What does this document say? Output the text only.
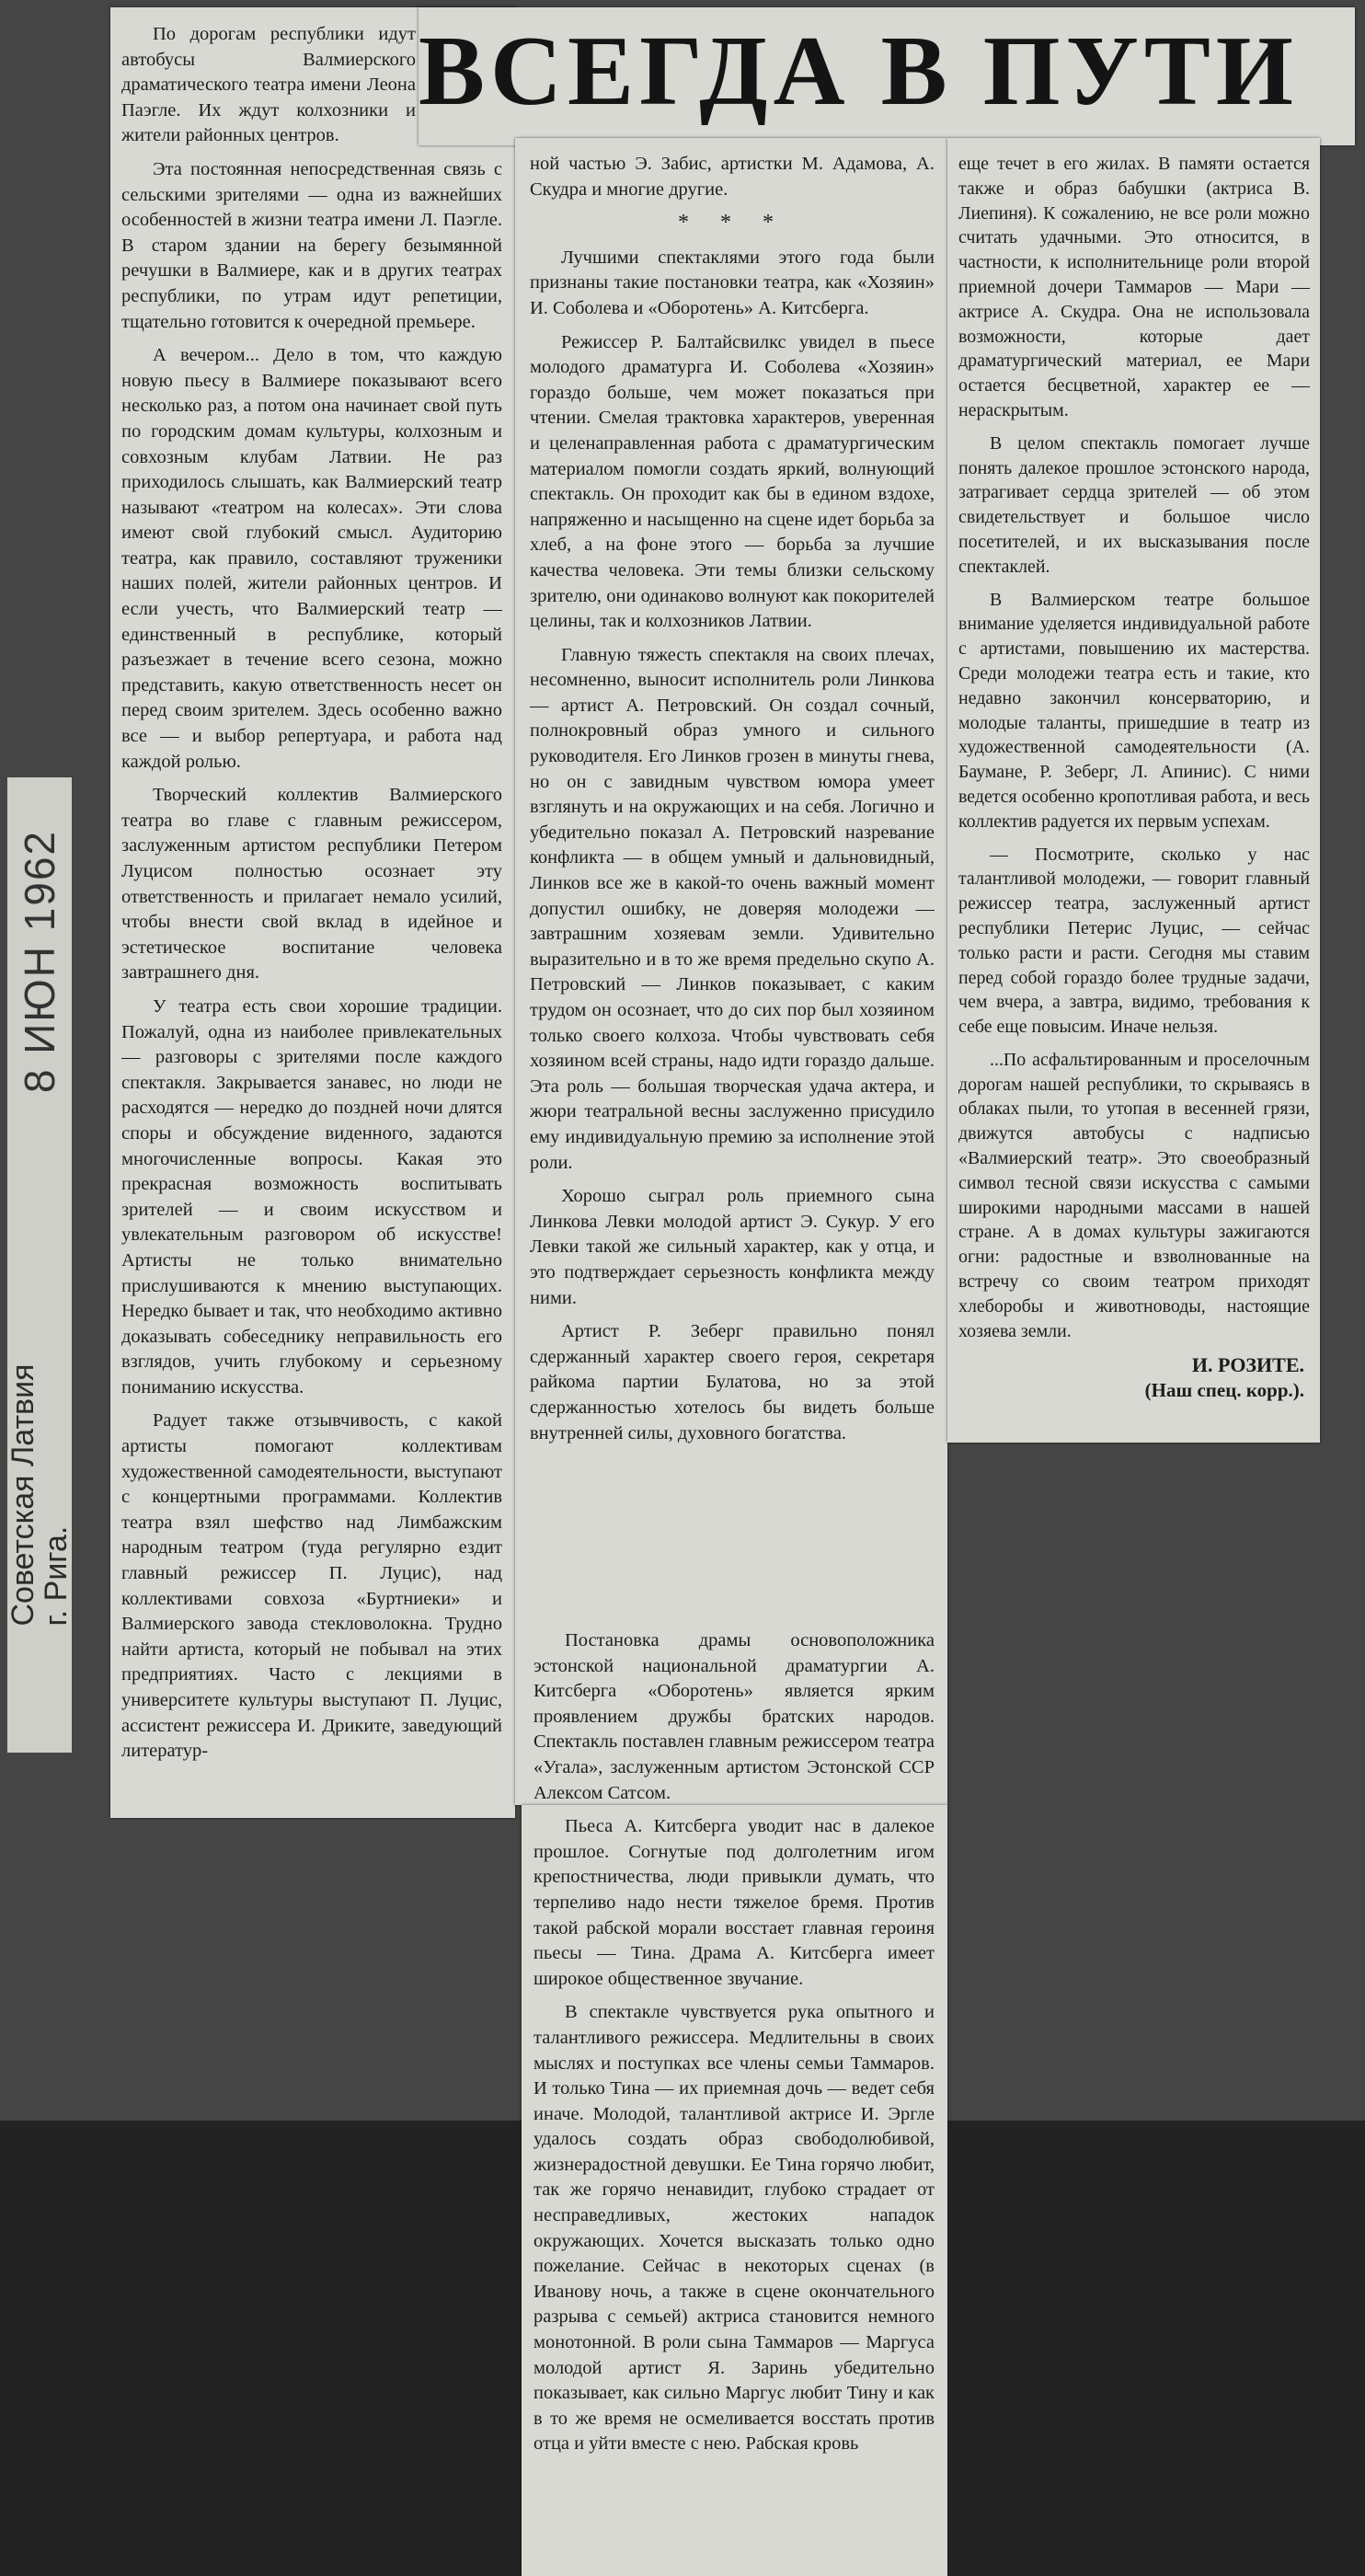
8 ИЮН 1962
Советская Латвия
г. Рига.
ВСЕГДА В ПУТИ

По дорогам республики идут автобусы Валмиерского драматического театра имени Леона Паэгле. Их ждут колхозники и жители районных центров.

Эта постоянная непосредственная связь с сельскими зрителями — одна из важнейших особенностей в жизни театра имени Л. Паэгле. В старом здании на берегу безымянной речушки в Валмиере, как и в других театрах республики, по утрам идут репетиции, тщательно готовится к очередной премьере.

А вечером... Дело в том, что каждую новую пьесу в Валмиере показывают всего несколько раз, а потом она начинает свой путь по городским домам культуры, колхозным и совхозным клубам Латвии. Не раз приходилось слышать, как Валмиерский театр называют «театром на колесах». Эти слова имеют свой глубокий смысл. Аудиторию театра, как правило, составляют труженики наших полей, жители районных центров. И если учесть, что Валмиерский театр — единственный в республике, который разъезжает в течение всего сезона, можно представить, какую ответственность несет он перед своим зрителем. Здесь особенно важно все — и выбор репертуара, и работа над каждой ролью.

Творческий коллектив Валмиерского театра во главе с главным режиссером, заслуженным артистом республики Петером Луцисом полностью осознает эту ответственность и прилагает немало усилий, чтобы внести свой вклад в идейное и эстетическое воспитание человека завтрашнего дня.

У театра есть свои хорошие традиции. Пожалуй, одна из наиболее привлекательных — разговоры с зрителями после каждого спектакля. Закрывается занавес, но люди не расходятся — нередко до поздней ночи длятся споры и обсуждение виденного, задаются многочисленные вопросы. Какая это прекрасная возможность воспитывать зрителей — и своим искусством и увлекательным разговором об искусстве! Артисты не только внимательно прислушиваются к мнению выступающих. Нередко бывает и так, что необходимо активно доказывать собеседнику неправильность его взглядов, учить глубокому и серьезному пониманию искусства.

Радует также отзывчивость, с какой артисты помогают коллективам художественной самодеятельности, выступают с концертными программами. Коллектив театра взял шефство над Лимбажским народным театром (туда регулярно ездит главный режиссер П. Луцис), над коллективами совхоза «Буртниеки» и Валмиерского завода стекловолокна. Трудно найти артиста, который не побывал на этих предприятиях. Часто с лекциями в университете культуры выступают П. Луцис, ассистент режиссера И. Дриките, заведующий литератур-

ной частью Э. Забис, артистки М. Адамова, А. Скудра и многие другие.

* * *

Лучшими спектаклями этого года были признаны такие постановки театра, как «Хозяин» И. Соболева и «Оборотень» А. Китсберга.

Режиссер Р. Балтайсвилкс увидел в пьесе молодого драматурга И. Соболева «Хозяин» гораздо больше, чем может показаться при чтении. Смелая трактовка характеров, уверенная и целенаправленная работа с драматургическим материалом помогли создать яркий, волнующий спектакль. Он проходит как бы в едином вздохе, напряженно и насыщенно на сцене идет борьба за хлеб, а на фоне этого — борьба за лучшие качества человека. Эти темы близки сельскому зрителю, они одинаково волнуют как покорителей целины, так и колхозников Латвии.

Главную тяжесть спектакля на своих плечах, несомненно, выносит исполнитель роли Линкова — артист А. Петровский. Он создал сочный, полнокровный образ умного и сильного руководителя. Его Линков грозен в минуты гнева, но он с завидным чувством юмора умеет взглянуть и на окружающих и на себя. Логично и убедительно показал А. Петровский назревание конфликта — в общем умный и дальновидный, Линков все же в какой-то очень важный момент допустил ошибку, не доверяя молодежи — завтрашним хозяевам земли. Удивительно выразительно и в то же время предельно скупо А. Петровский — Линков показывает, с каким трудом он осознает, что до сих пор был хозяином только своего колхоза. Чтобы чувствовать себя хозяином всей страны, надо идти гораздо дальше. Эта роль — большая творческая удача актера, и жюри театральной весны заслуженно присудило ему индивидуальную премию за исполнение этой роли.

Хорошо сыграл роль приемного сына Линкова Левки молодой артист Э. Сукур. У его Левки такой же сильный характер, как у отца, и это подтверждает серьезность конфликта между ними.

Артист Р. Зеберг правильно понял сдержанный характер своего героя, секретаря райкома партии Булатова, но за этой сдержанностью хотелось бы видеть больше внутренней силы, духовного богатства.

Постановка драмы основоположника эстонской национальной драматургии А. Китсберга «Оборотень» является ярким проявлением дружбы братских народов. Спектакль поставлен главным режиссером театра «Угала», заслуженным артистом Эстонской ССР Алексом Сатсом.

Пьеса А. Китсберга уводит нас в далекое прошлое. Согнутые под долголетним игом крепостничества, люди привыкли думать, что терпеливо надо нести тяжелое бремя. Против такой рабской морали восстает главная героиня пьесы — Тина. Драма А. Китсберга имеет широкое общественное звучание.

В спектакле чувствуется рука опытного и талантливого режиссера. Медлительны в своих мыслях и поступках все члены семьи Таммаров. И только Тина — их приемная дочь — ведет себя иначе. Молодой, талантливой актрисе И. Эргле удалось создать образ свободолюбивой, жизнерадостной девушки. Ее Тина горячо любит, так же горячо ненавидит, глубоко страдает от несправедливых, жестоких нападок окружающих. Хочется высказать только одно пожелание. Сейчас в некоторых сценах (в Иванову ночь, а также в сцене окончательного разрыва с семьей) актриса становится немного монотонной. В роли сына Таммаров — Маргуса молодой артист Я. Заринь убедительно показывает, как сильно Маргус любит Тину и как в то же время не осмеливается восстать против отца и уйти вместе с нею. Рабская кровь

еще течет в его жилах. В памяти остается также и образ бабушки (актриса В. Лиепиня). К сожалению, не все роли можно считать удачными. Это относится, в частности, к исполнительнице роли второй приемной дочери Таммаров — Мари — актрисе А. Скудра. Она не использовала возможности, которые дает драматургический материал, ее Мари остается бесцветной, характер ее — нераскрытым.

В целом спектакль помогает лучше понять далекое прошлое эстонского народа, затрагивает сердца зрителей — об этом свидетельствует и большое число посетителей, и их высказывания после спектаклей.

В Валмиерском театре большое внимание уделяется индивидуальной работе с артистами, повышению их мастерства. Среди молодежи театра есть и такие, кто недавно закончил консерваторию, и молодые таланты, пришедшие в театр из художественной самодеятельности (А. Бауманe, Р. Зеберг, Л. Апинис). С ними ведется особенно кропотливая работа, и весь коллектив радуется их первым успехам.

— Посмотрите, сколько у нас талантливой молодежи, — говорит главный режиссер театра, заслуженный артист республики Петерис Луцис, — сейчас только расти и расти. Сегодня мы ставим перед собой гораздо более трудные задачи, чем вчера, а завтра, видимо, требования к себе еще повысим. Иначе нельзя.

...По асфальтированным и проселочным дорогам нашей республики, то скрываясь в облаках пыли, то утопая в весенней грязи, движутся автобусы с надписью «Валмиерский театр». Это своеобразный символ тесной связи искусства с самыми широкими народными массами в нашей стране. А в домах культуры зажигаются огни: радостные и взволнованные на встречу со своим театром приходят хлеборобы и животноводы, настоящие хозяева земли.

И. РОЗИТЕ.
(Наш спец. корр.).
